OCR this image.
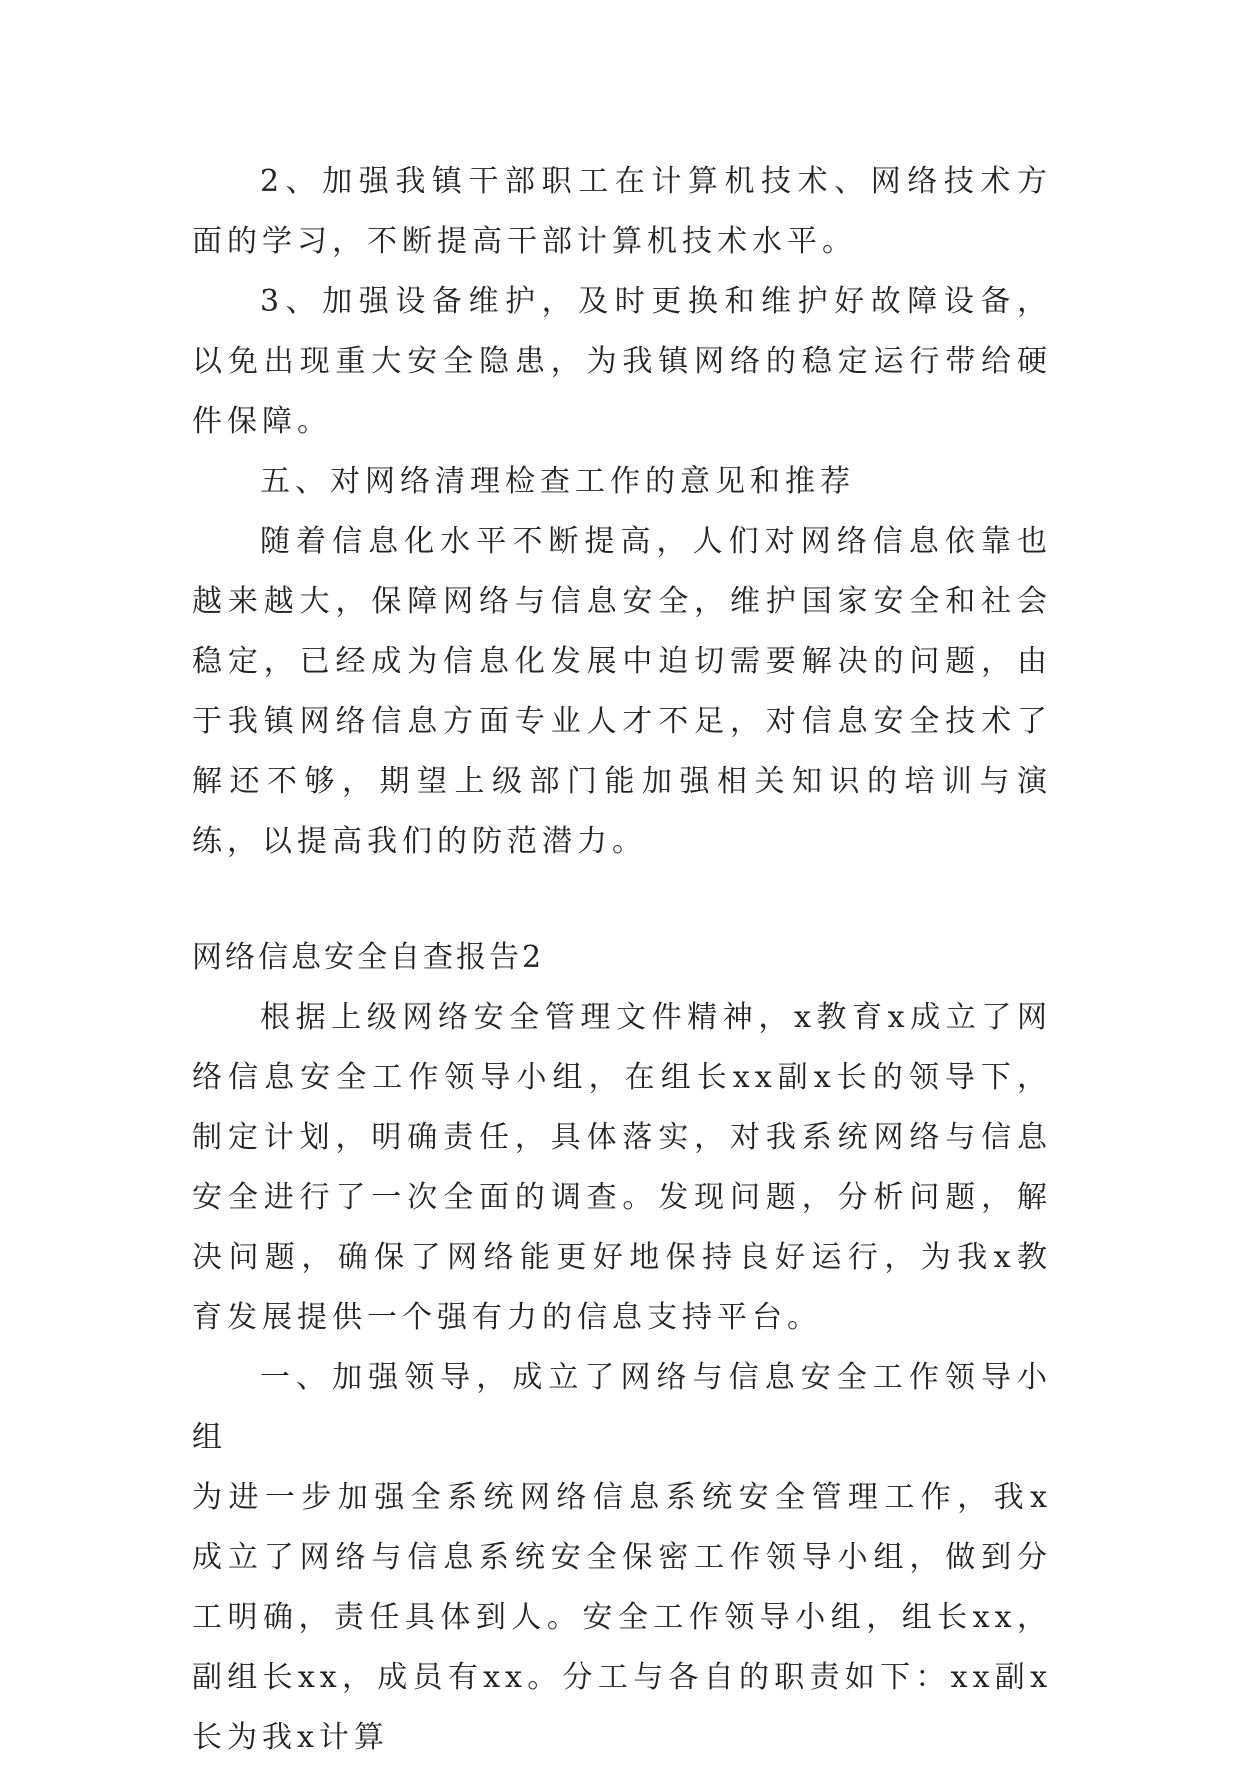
2、加强我镇干部职工在计算机技术、网络技术方面的学习，不断提高干部计算机技术水平。

3、加强设备维护，及时更换和维护好故障设备，以免出现重大安全隐患，为我镇网络的稳定运行带给硬件保障。

五、对网络清理检查工作的意见和推荐

随着信息化水平不断提高，人们对网络信息依靠也越来越大，保障网络与信息安全，维护国家安全和社会稳定，已经成为信息化发展中迫切需要解决的问题，由于我镇网络信息方面专业人才不足，对信息安全技术了解还不够，期望上级部门能加强相关知识的培训与演练，以提高我们的防范潜力。

网络信息安全自查报告2

根据上级网络安全管理文件精神，x教育x成立了网络信息安全工作领导小组，在组长xx副x长的领导下，制定计划，明确责任，具体落实，对我系统网络与信息安全进行了一次全面的调查。发现问题，分析问题，解决问题，确保了网络能更好地保持良好运行，为我x教育发展提供一个强有力的信息支持平台。

一、加强领导，成立了网络与信息安全工作领导小组

为进一步加强全系统网络信息系统安全管理工作，我x成立了网络与信息系统安全保密工作领导小组，做到分工明确，责任具体到人。安全工作领导小组，组长xx，副组长xx，成员有xx。分工与各自的职责如下：xx副x长为我x计算
